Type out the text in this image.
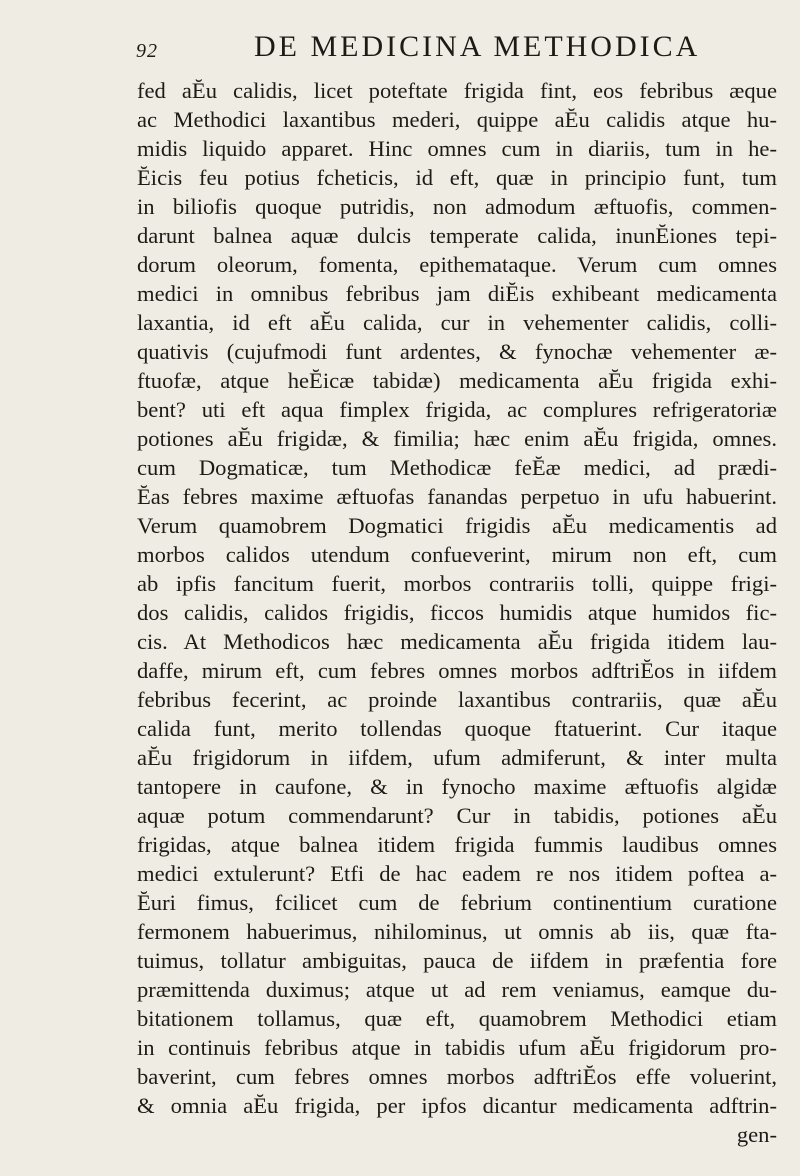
92	DE MEDICINA METHODICA
fed aĔu calidis, licet poteftate frigida fint, eos febribus æque
ac Methodici laxantibus mederi, quippe aĔu calidis atque hu-
midis liquido apparet. Hinc omnes cum in diariis, tum in he-
Ĕicis feu potius fcheticis, id eft, quæ in principio funt, tum
in biliofis quoque putridis, non admodum æftuofis, commen-
darunt balnea aquæ dulcis temperate calida, inunĔiones tepi-
dorum oleorum, fomenta, epithemataque. Verum cum omnes
medici in omnibus febribus jam diĔis exhibeant medicamenta
laxantia, id eft aĔu calida, cur in vehementer calidis, colli-
quativis (cujufmodi funt ardentes, & fynochæ vehementer æ-
ftuofæ, atque heĔicæ tabidæ) medicamenta aĔu frigida exhi-
bent? uti eft aqua fimplex frigida, ac complures refrigeratoriæ
potiones aĔu frigidæ, & fimilia; hæc enim aĔu frigida, omnes.
cum Dogmaticæ, tum Methodicæ feĔæ medici, ad prædi-
Ĕas febres maxime æftuofas fanandas perpetuo in ufu habuerint.
Verum quamobrem Dogmatici frigidis aĔu medicamentis ad
morbos calidos utendum confueverint, mirum non eft, cum
ab ipfis fancitum fuerit, morbos contrariis tolli, quippe frigi-
dos calidis, calidos frigidis, ficcos humidis atque humidos fic-
cis. At Methodicos hæc medicamenta aĔu frigida itidem lau-
daffe, mirum eft, cum febres omnes morbos adftriĔos in iifdem
febribus fecerint, ac proinde laxantibus contrariis, quæ aĔu
calida funt, merito tollendas quoque ftatuerint. Cur itaque
aĔu frigidorum in iifdem, ufum admiferunt, & inter multa
tantopere in caufone, & in fynocho maxime æftuofis algidæ
aquæ potum commendarunt? Cur in tabidis, potiones aĔu
frigidas, atque balnea itidem frigida fummis laudibus omnes
medici extulerunt? Etfi de hac eadem re nos itidem poftea a-
Ĕuri fimus, fcilicet cum de febrium continentium curatione
fermonem habuerimus, nihilominus, ut omnis ab iis, quæ fta-
tuimus, tollatur ambiguitas, pauca de iifdem in præfentia fore
præmittenda duximus; atque ut ad rem veniamus, eamque du-
bitationem tollamus, quæ eft, quamobrem Methodici etiam
in continuis febribus atque in tabidis ufum aĔu frigidorum pro-
baverint, cum febres omnes morbos adftriĔos effe voluerint,
& omnia aĔu frigida, per ipfos dicantur medicamenta adftrin-
gen-
